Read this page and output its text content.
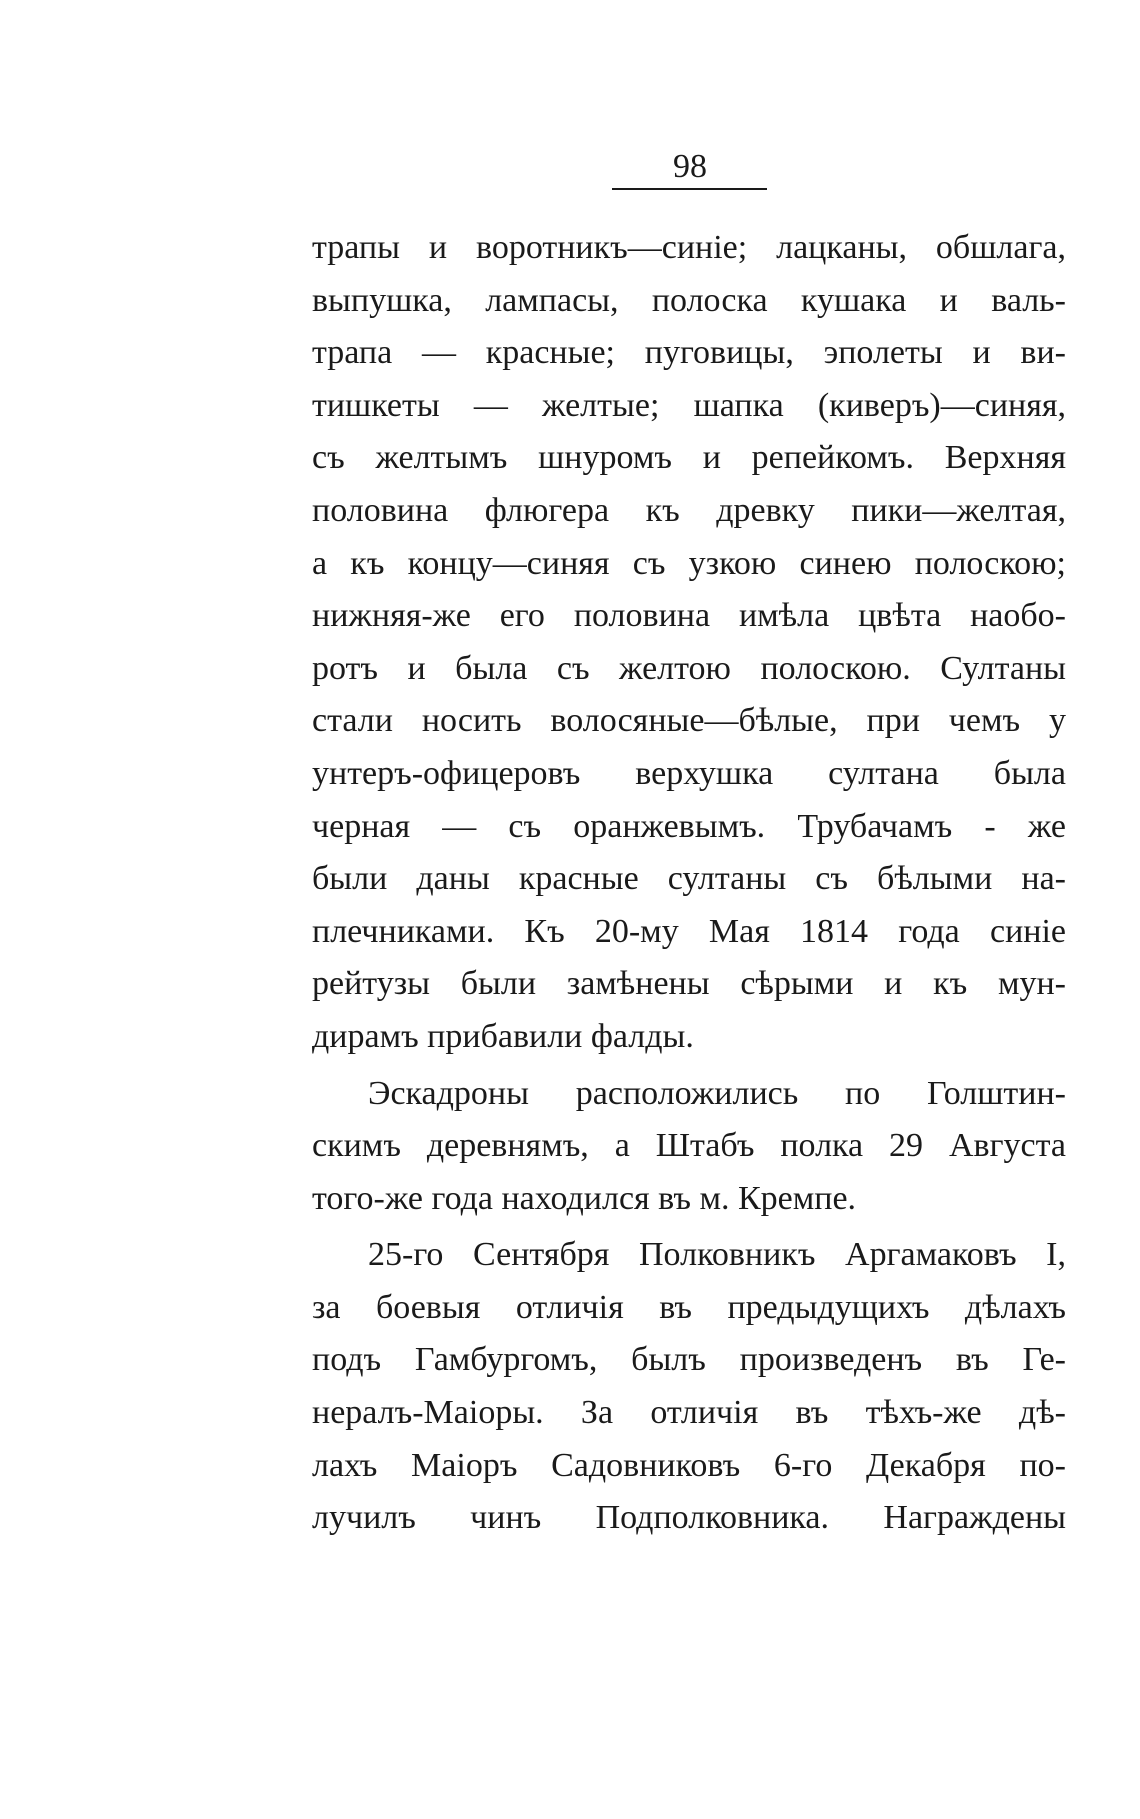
98
трапы и воротникъ—синіе; лацканы, обшлага,
выпушка, лампасы, полоска кушака и валь-
трапа — красные; пуговицы, эполеты и ви-
тишкеты — желтые; шапка (киверъ)—синяя,
съ желтымъ шнуромъ и репейкомъ. Верхняя
половина флюгера къ древку пики—желтая,
а къ концу—синяя съ узкою синею полоскою;
нижняя-же его половина имѣла цвѣта наобо-
ротъ и была съ желтою полоскою. Султаны
стали носить волосяные—бѣлые, при чемъ у
унтеръ-офицеровъ верхушка султана была
черная — съ оранжевымъ. Трубачамъ - же
были даны красные султаны съ бѣлыми на-
плечниками. Къ 20-му Мая 1814 года синіе
рейтузы были замѣнены сѣрыми и къ мун-
дирамъ прибавили фалды.
Эскадроны расположились по Голштин-
скимъ деревнямъ, а Штабъ полка 29 Августа
того-же года находился въ м. Кремпе.
25-го Сентября Полковникъ Аргамаковъ I,
за боевыя отличія въ предыдущихъ дѣлахъ
подъ Гамбургомъ, былъ произведенъ въ Ге-
нералъ-Маіоры. За отличія въ тѣхъ-же дѣ-
лахъ Маіоръ Садовниковъ 6-го Декабря по-
лучилъ чинъ Подполковника. Награждены
